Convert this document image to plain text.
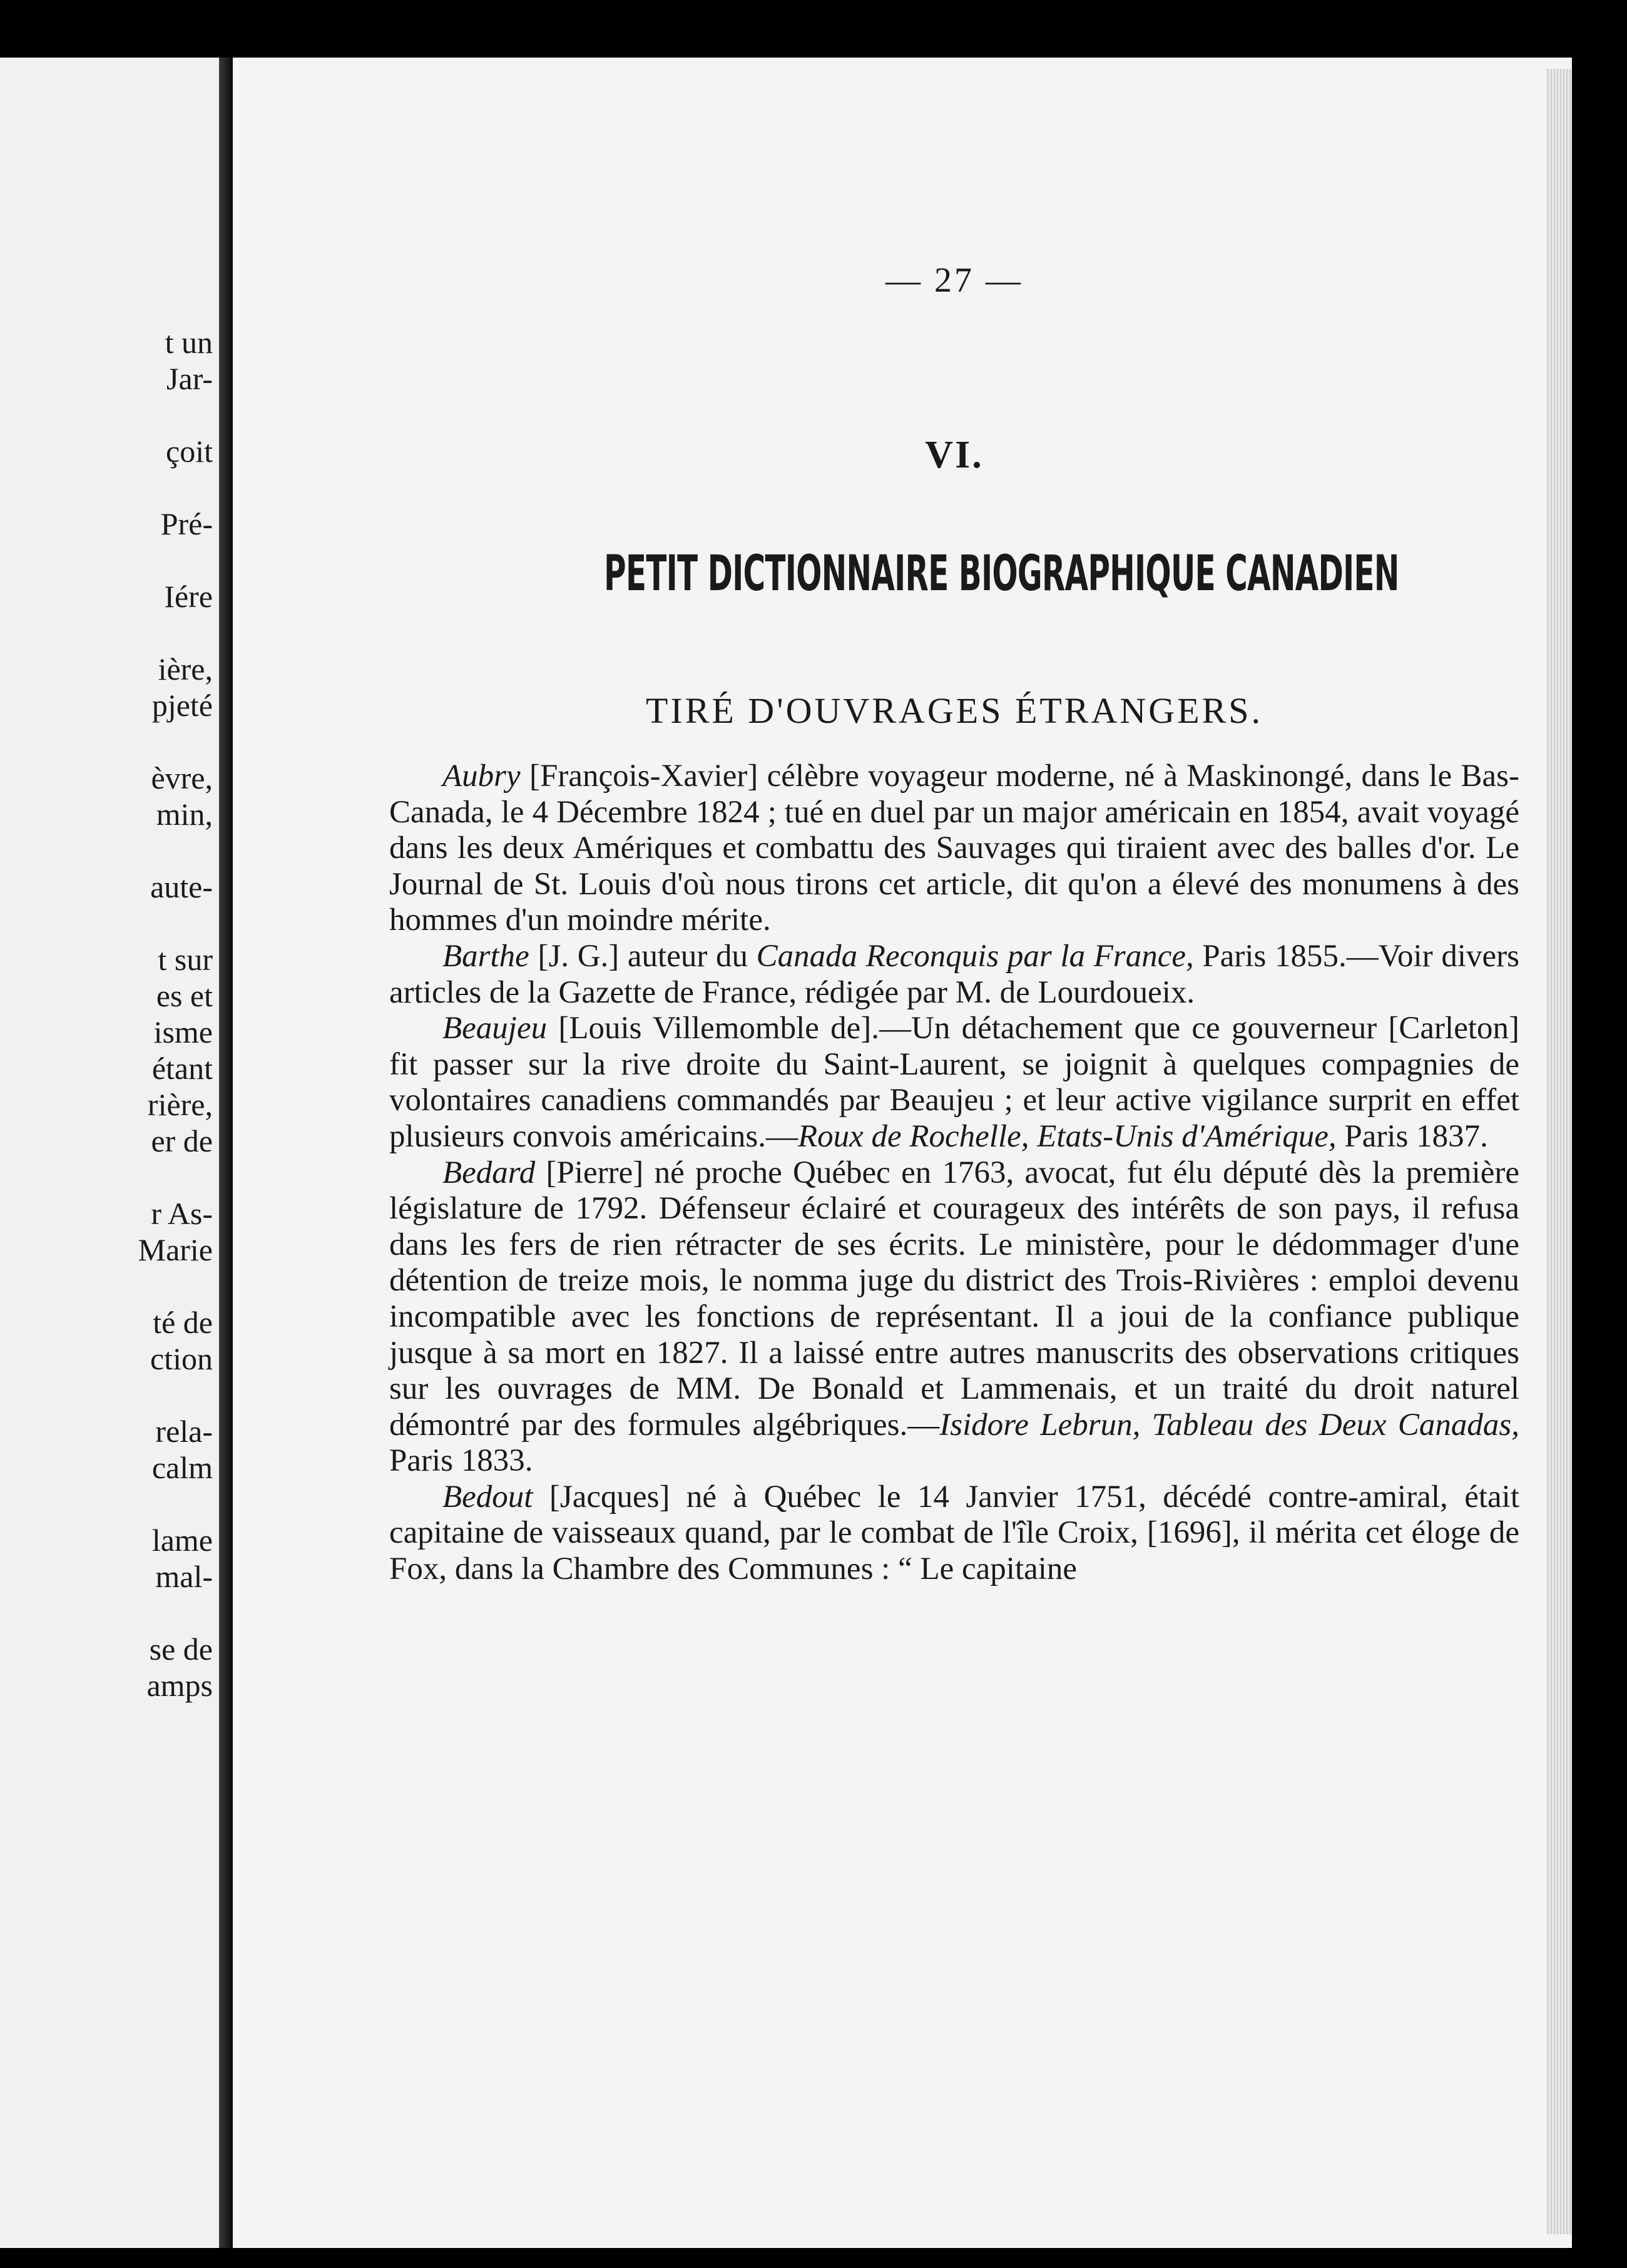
t un
Jar-
çoit
Pré-
Iére
ière,
pjeté
èvre,
min,
aute-
t sur
es et
isme
étant
rière,
er de
r As-
Marie
té de
ction
rela-
calm
lame
mal-
se de
amps
— 27 —
VI.
PETIT DICTIONNAIRE BIOGRAPHIQUE CANADIEN
TIRÉ D'OUVRAGES ÉTRANGERS.

Aubry [François-Xavier] célèbre voyageur moderne, né à Maskinongé, dans le Bas-Canada, le 4 Décembre 1824 ; tué en duel par un major américain en 1854, avait voyagé dans les deux Amériques et combattu des Sauvages qui tiraient avec des balles d'or. Le Journal de St. Louis d'où nous tirons cet article, dit qu'on a élevé des monumens à des hommes d'un moindre mérite.

Barthe [J. G.] auteur du Canada Reconquis par la France, Paris 1855.—Voir divers articles de la Gazette de France, rédigée par M. de Lourdoueix.

Beaujeu [Louis Villemomble de].—Un détachement que ce gouverneur [Carleton] fit passer sur la rive droite du Saint-Laurent, se joignit à quelques compagnies de volontaires canadiens commandés par Beaujeu ; et leur active vigilance surprit en effet plusieurs convois américains.—Roux de Rochelle, Etats-Unis d'Amérique, Paris 1837.

Bedard [Pierre] né proche Québec en 1763, avocat, fut élu député dès la première législature de 1792. Défenseur éclairé et courageux des intérêts de son pays, il refusa dans les fers de rien rétracter de ses écrits. Le ministère, pour le dédommager d'une détention de treize mois, le nomma juge du district des Trois-Rivières : emploi devenu incompatible avec les fonctions de représentant. Il a joui de la confiance publique jusque à sa mort en 1827. Il a laissé entre autres manuscrits des observations critiques sur les ouvrages de MM. De Bonald et Lammenais, et un traité du droit naturel démontré par des formules algébriques.—Isidore Lebrun, Tableau des Deux Canadas, Paris 1833.

Bedout [Jacques] né à Québec le 14 Janvier 1751, décédé contre-amiral, était capitaine de vaisseaux quand, par le combat de l'île Croix, [1696], il mérita cet éloge de Fox, dans la Chambre des Communes : “ Le capitaine
